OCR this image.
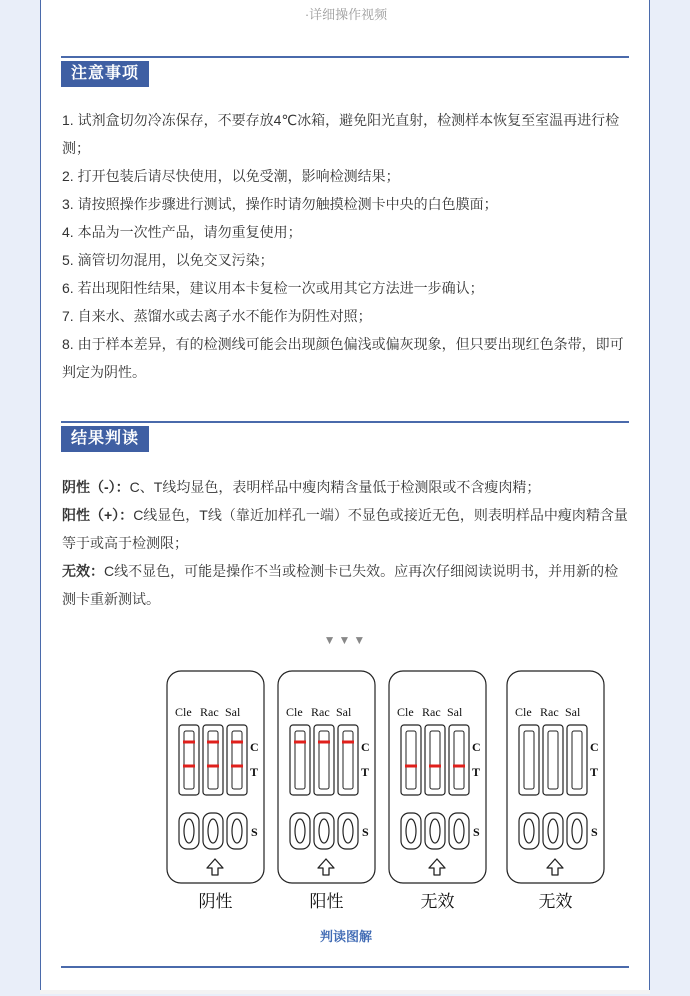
·详细操作视频
注意事项

1. 试剂盒切勿冷冻保存，不要存放4℃冰箱，避免阳光直射，检测样本恢复至室温再进行检测；

2. 打开包装后请尽快使用，以免受潮，影响检测结果；

3. 请按照操作步骤进行测试，操作时请勿触摸检测卡中央的白色膜面；

4. 本品为一次性产品，请勿重复使用；

5. 滴管切勿混用，以免交叉污染；

6. 若出现阳性结果，建议用本卡复检一次或用其它方法进一步确认；

7. 自来水、蒸馏水或去离子水不能作为阴性对照；

8. 由于样本差异，有的检测线可能会出现颜色偏浅或偏灰现象，但只要出现红色条带，即可判定为阴性。

结果判读

阴性（-）：C、T线均显色，表明样品中瘦肉精含量低于检测限或不含瘦肉精；

阳性（+）：C线显色，T线（靠近加样孔一端）不显色或接近无色，则表明样品中瘦肉精含量等于或高于检测限；

无效：C线不显色，可能是操作不当或检测卡已失效。应再次仔细阅读说明书，并用新的检测卡重新测试。

▼▼▼
Cle Rac Sal
C
T
S
阴性
Cle Rac Sal
C
T
S
阳性
Cle Rac Sal
C
T
S
无效
Cle Rac Sal
C
T
S
无效
判读图解
